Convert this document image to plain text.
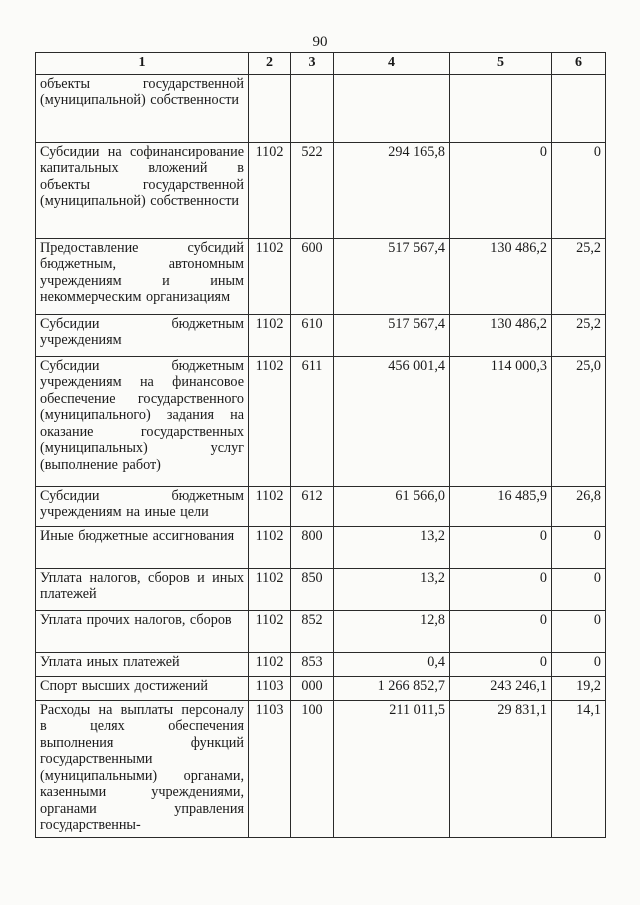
90
1	2	3	4	5	6
объекты государственной (муниципальной) собственности					
Субсидии на софинансирование капитальных вложений в объекты государственной (муниципальной) собственности	1102	522	294 165,8	0	0
Предоставление субсидий бюджетным, автономным учреждениям и иным некоммерческим организациям	1102	600	517 567,4	130 486,2	25,2
Субсидии бюджетным учреждениям	1102	610	517 567,4	130 486,2	25,2
Субсидии бюджетным учреждениям на финансовое обеспечение государственного (муниципального) задания на оказание государственных (муниципальных) услуг (выполнение работ)	1102	611	456 001,4	114 000,3	25,0
Субсидии бюджетным учреждениям на иные цели	1102	612	61 566,0	16 485,9	26,8
Иные бюджетные ассигнования	1102	800	13,2	0	0
Уплата налогов, сборов и иных платежей	1102	850	13,2	0	0
Уплата прочих налогов, сборов	1102	852	12,8	0	0
Уплата иных платежей	1102	853	0,4	0	0
Спорт высших достижений	1103	000	1 266 852,7	243 246,1	19,2
Расходы на выплаты персоналу в целях обеспечения выполнения функций государственными (муниципальными) органами, казенными учреждениями, органами управления государственны-	1103	100	211 011,5	29 831,1	14,1
